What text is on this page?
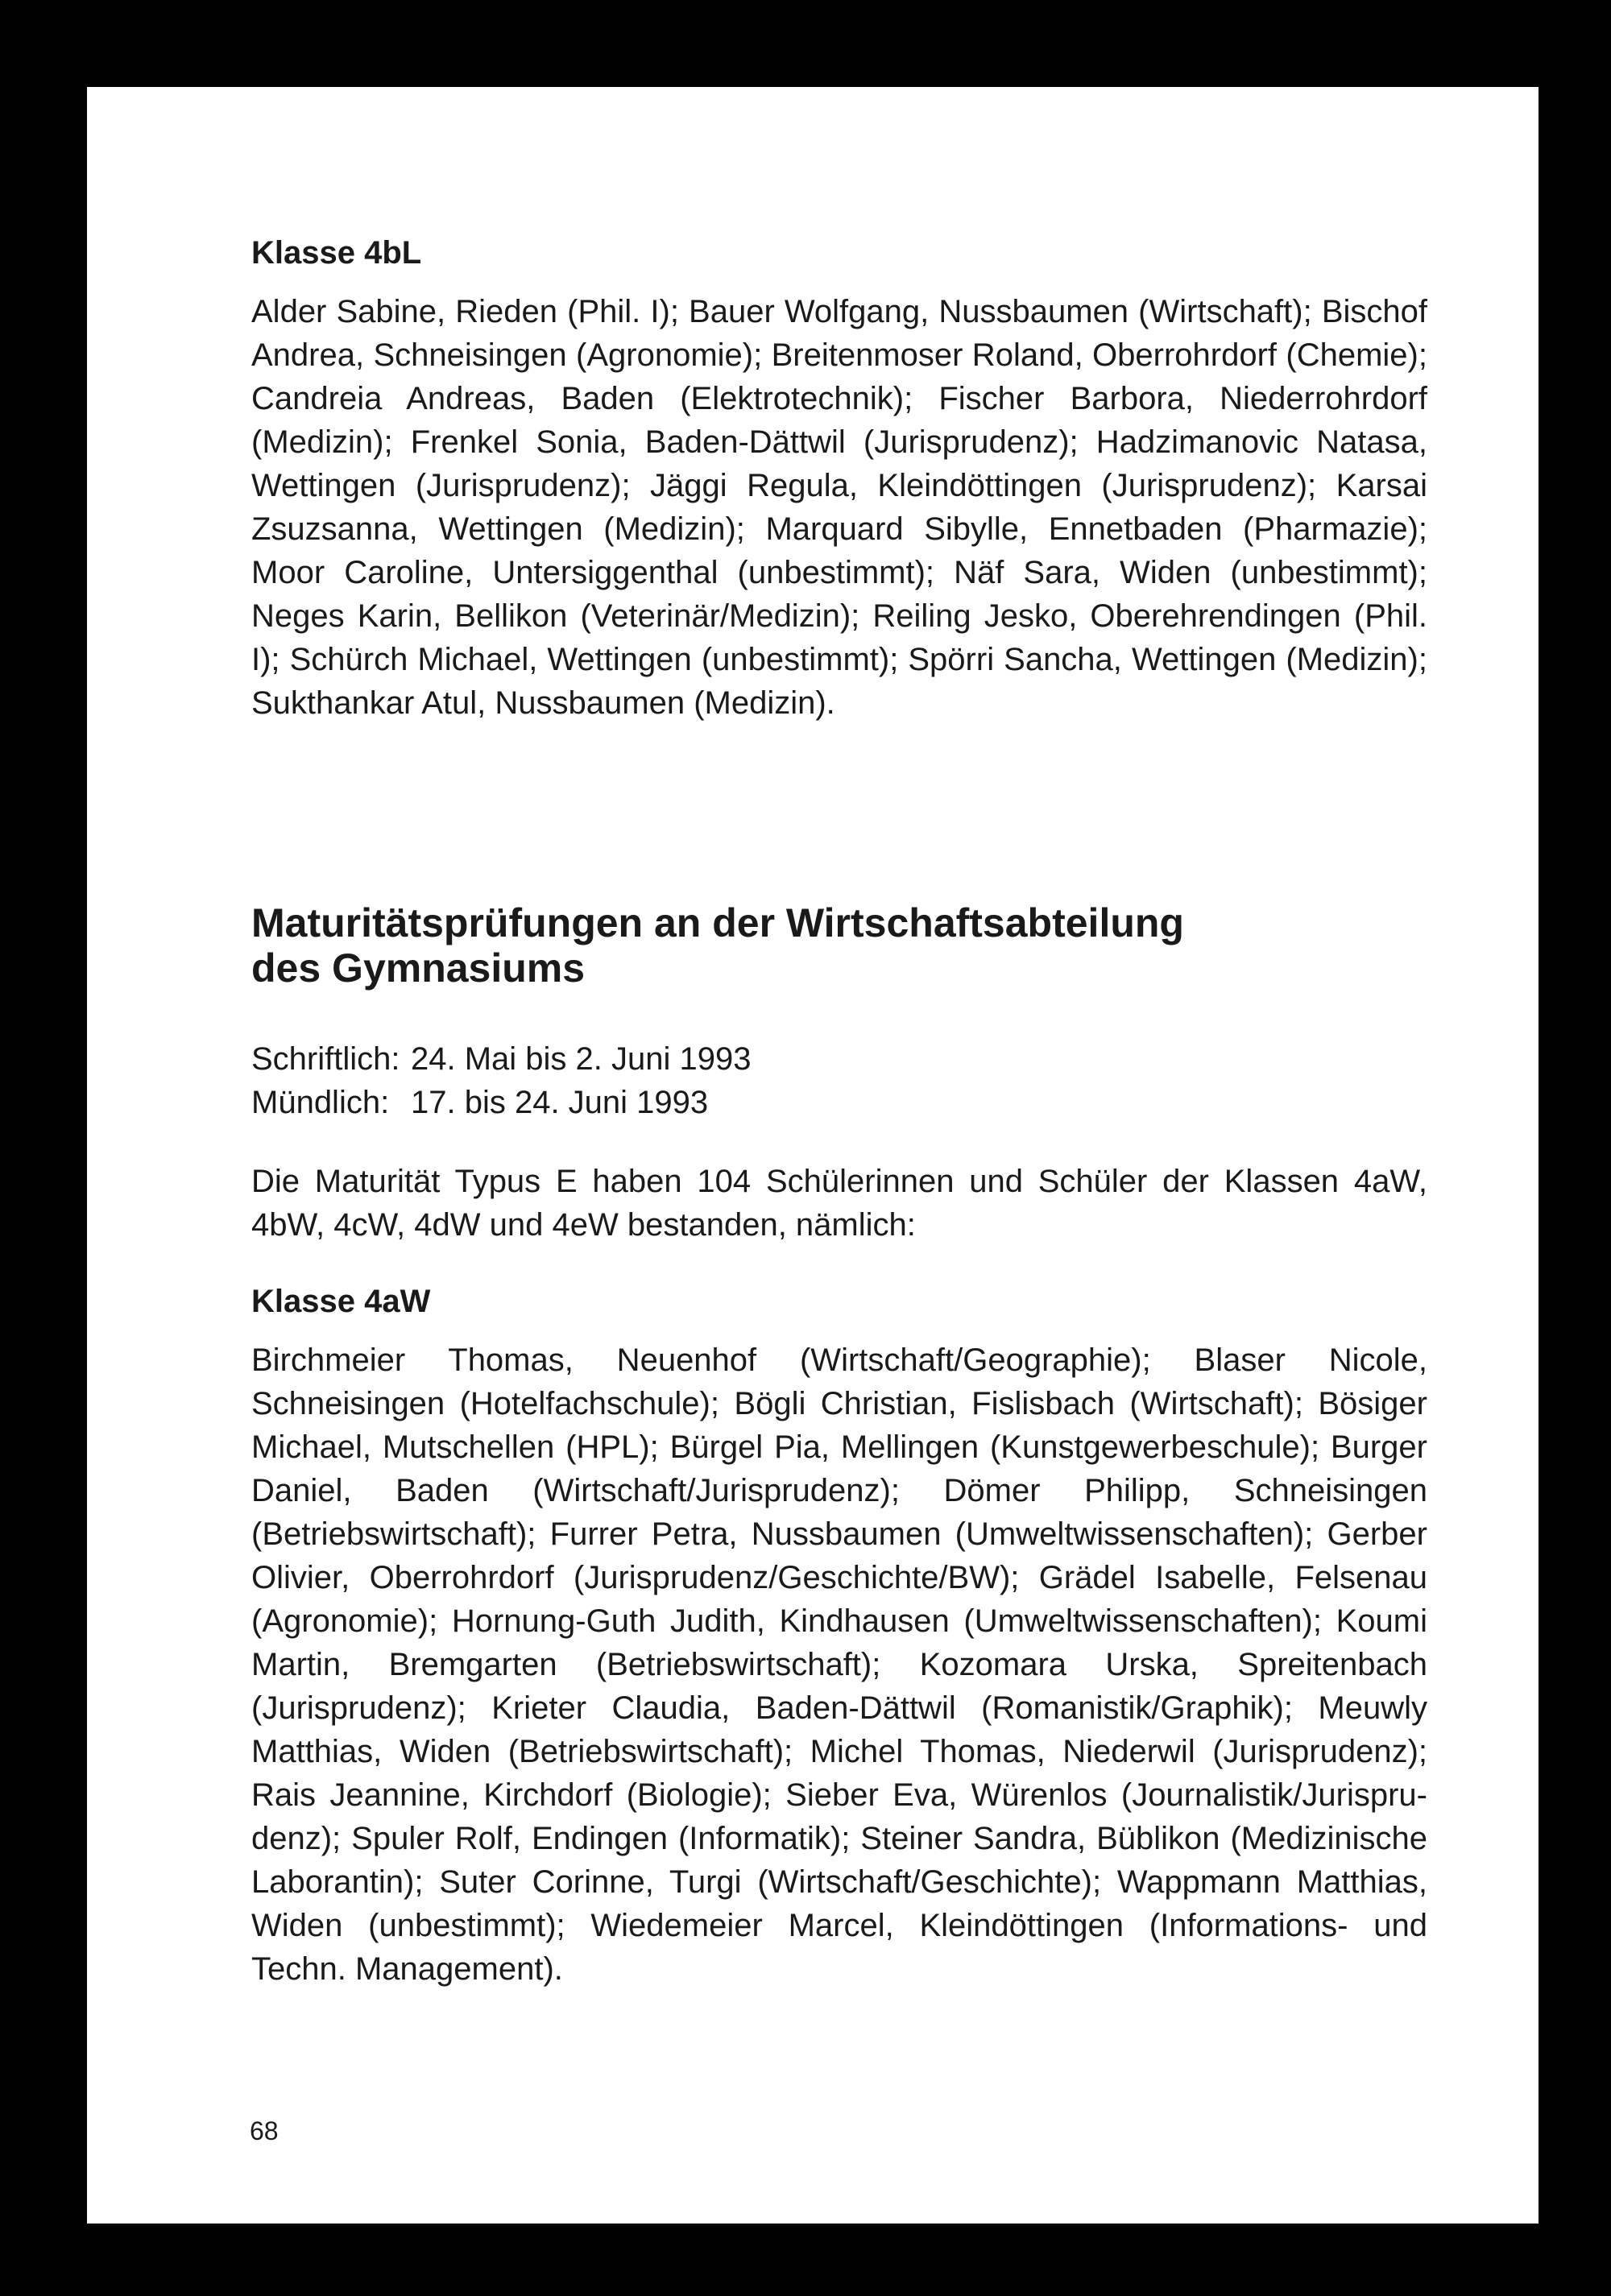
Klasse 4bL

Alder Sabine, Rieden (Phil. I); Bauer Wolfgang, Nussbaumen (Wirtschaft); Bischof Andrea, Schneisingen (Agronomie); Breitenmoser Roland, Oberrohrdorf (Chemie); Candreia Andreas, Baden (Elektrotechnik); Fischer Barbora, Niederrohrdorf (Medizin); Frenkel Sonia, Baden-Dättwil (Jurisprudenz); Hadzimanovic Natasa, Wettingen (Jurisprudenz); Jäggi Regula, Kleindöttingen (Jurisprudenz); Karsai Zsuzsanna, Wettingen (Medizin); Marquard Sibylle, Ennetbaden (Pharmazie); Moor Caroline, Untersiggenthal (unbestimmt); Näf Sara, Widen (unbestimmt); Neges Karin, Bellikon (Veterinär/Medizin); Reiling Jesko, Oberehrendingen (Phil. I); Schürch Michael, Wettingen (unbestimmt); Spörri Sancha, Wettingen (Medizin); Sukthankar Atul, Nussbaumen (Medizin).

Maturitätsprüfungen an der Wirtschaftsabteilung
des Gymnasiums
Schriftlich: 24. Mai bis 2. Juni 1993
Mündlich: 17. bis 24. Juni 1993

Die Maturität Typus E haben 104 Schülerinnen und Schüler der Klassen 4aW, 4bW, 4cW, 4dW und 4eW bestanden, nämlich:

Klasse 4aW

Birchmeier Thomas, Neuenhof (Wirtschaft/Geographie); Blaser Nicole, Schneisingen (Hotelfachschule); Bögli Christian, Fislisbach (Wirtschaft); Bösiger Michael, Mutschellen (HPL); Bürgel Pia, Mellingen (Kunstgewerbeschule); Burger Daniel, Baden (Wirtschaft/Jurisprudenz); Dömer Philipp, Schneisingen (Betriebswirtschaft); Furrer Petra, Nussbaumen (Umweltwissenschaften); Gerber Olivier, Oberrohrdorf (Jurisprudenz/Geschichte/BW); Grädel Isabelle, Felsenau (Agronomie); Hornung-Guth Judith, Kindhausen (Umweltwissenschaften); Koumi Martin, Bremgarten (Betriebswirtschaft); Kozomara Urska, Spreitenbach (Jurisprudenz); Krieter Claudia, Baden-Dättwil (Romanistik/Graphik); Meuwly Matthias, Widen (Betriebswirtschaft); Michel Thomas, Niederwil (Jurisprudenz); Rais Jeannine, Kirchdorf (Biologie); Sieber Eva, Würenlos (Journalistik/Jurisprudenz); Spuler Rolf, Endingen (Informatik); Steiner Sandra, Büblikon (Medizinische Laborantin); Suter Corinne, Turgi (Wirtschaft/Geschichte); Wappmann Matthias, Widen (unbestimmt); Wiedemeier Marcel, Kleindöttingen (Informations- und Techn. Management).

68
